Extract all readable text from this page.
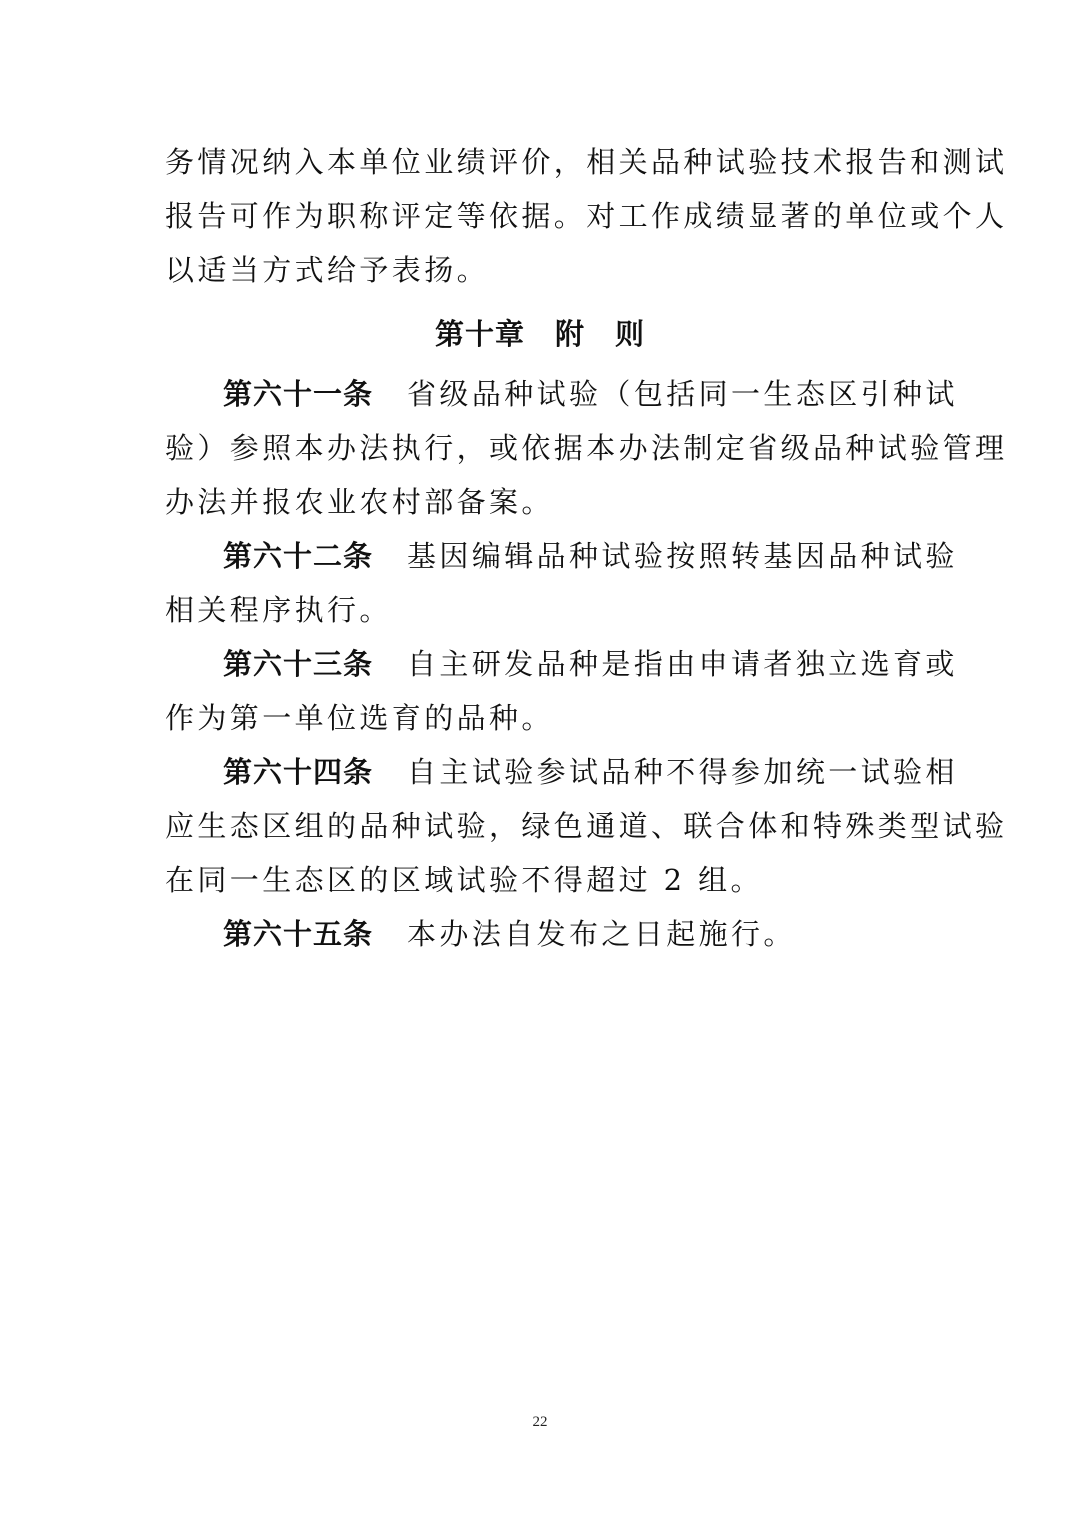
务情况纳入本单位业绩评价，相关品种试验技术报告和测试
报告可作为职称评定等依据。对工作成绩显著的单位或个人
以适当方式给予表扬。
第十章 附　则
第六十一条 省级品种试验（包括同一生态区引种试
验）参照本办法执行，或依据本办法制定省级品种试验管理
办法并报农业农村部备案。
第六十二条 基因编辑品种试验按照转基因品种试验
相关程序执行。
第六十三条 自主研发品种是指由申请者独立选育或
作为第一单位选育的品种。
第六十四条 自主试验参试品种不得参加统一试验相
应生态区组的品种试验，绿色通道、联合体和特殊类型试验
在同一生态区的区域试验不得超过 2 组。
第六十五条 本办法自发布之日起施行。
22
